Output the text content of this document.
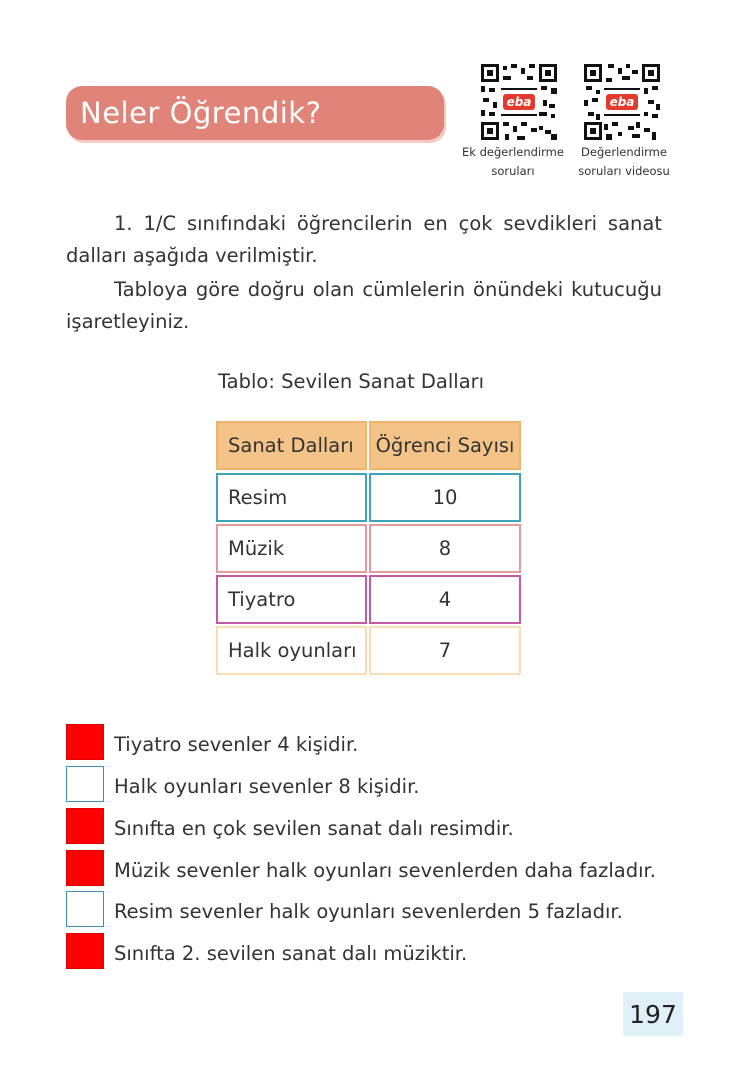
Neler Öğrendik?	eba	eba
Ek değerlendirme
soruları
Değerlendirme
soruları videosu
1. 1/C sınıfındaki öğrencilerin en çok sevdikleri sanat
dalları aşağıda verilmiştir.
Tabloya göre doğru olan cümlelerin önündeki kutucuğu
işaretleyiniz.
Tablo: Sevilen Sanat Dalları
Sanat Dalları	Öğrenci Sayısı
Resim	10
Müzik	8
Tiyatro	4
Halk oyunları	7
Tiyatro sevenler 4 kişidir.
Halk oyunları sevenler 8 kişidir.
Sınıfta en çok sevilen sanat dalı resimdir.
Müzik sevenler halk oyunları sevenlerden daha fazladır.
Resim sevenler halk oyunları sevenlerden 5 fazladır.
Sınıfta 2. sevilen sanat dalı müziktir.
197
